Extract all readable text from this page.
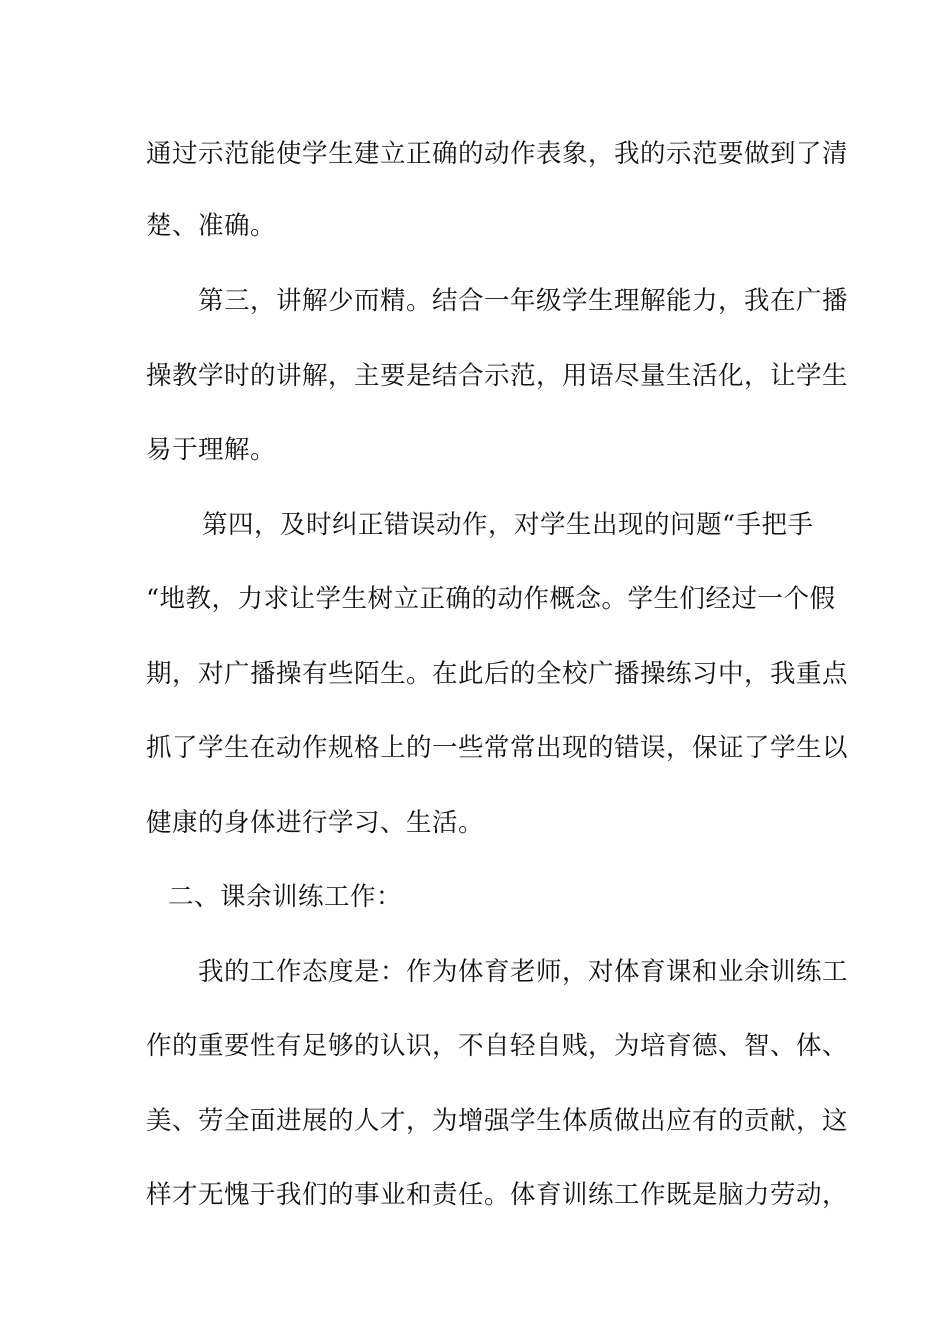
通过示范能使学生建立正确的动作表象，我的示范要做到了清
楚、准确。
第三，讲解少而精。结合一年级学生理解能力，我在广播
操教学时的讲解，主要是结合示范，用语尽量生活化，让学生
易于理解。
第四，及时纠正错误动作，对学生出现的问题“手把手
“地教，力求让学生树立正确的动作概念。学生们经过一个假
期，对广播操有些陌生。在此后的全校广播操练习中，我重点
抓了学生在动作规格上的一些常常出现的错误，保证了学生以
健康的身体进行学习、生活。
二、课余训练工作：
我的工作态度是：作为体育老师，对体育课和业余训练工
作的重要性有足够的认识，不自轻自贱，为培育德、智、体、
美、劳全面进展的人才，为增强学生体质做出应有的贡献，这
样才无愧于我们的事业和责任。体育训练工作既是脑力劳动，
